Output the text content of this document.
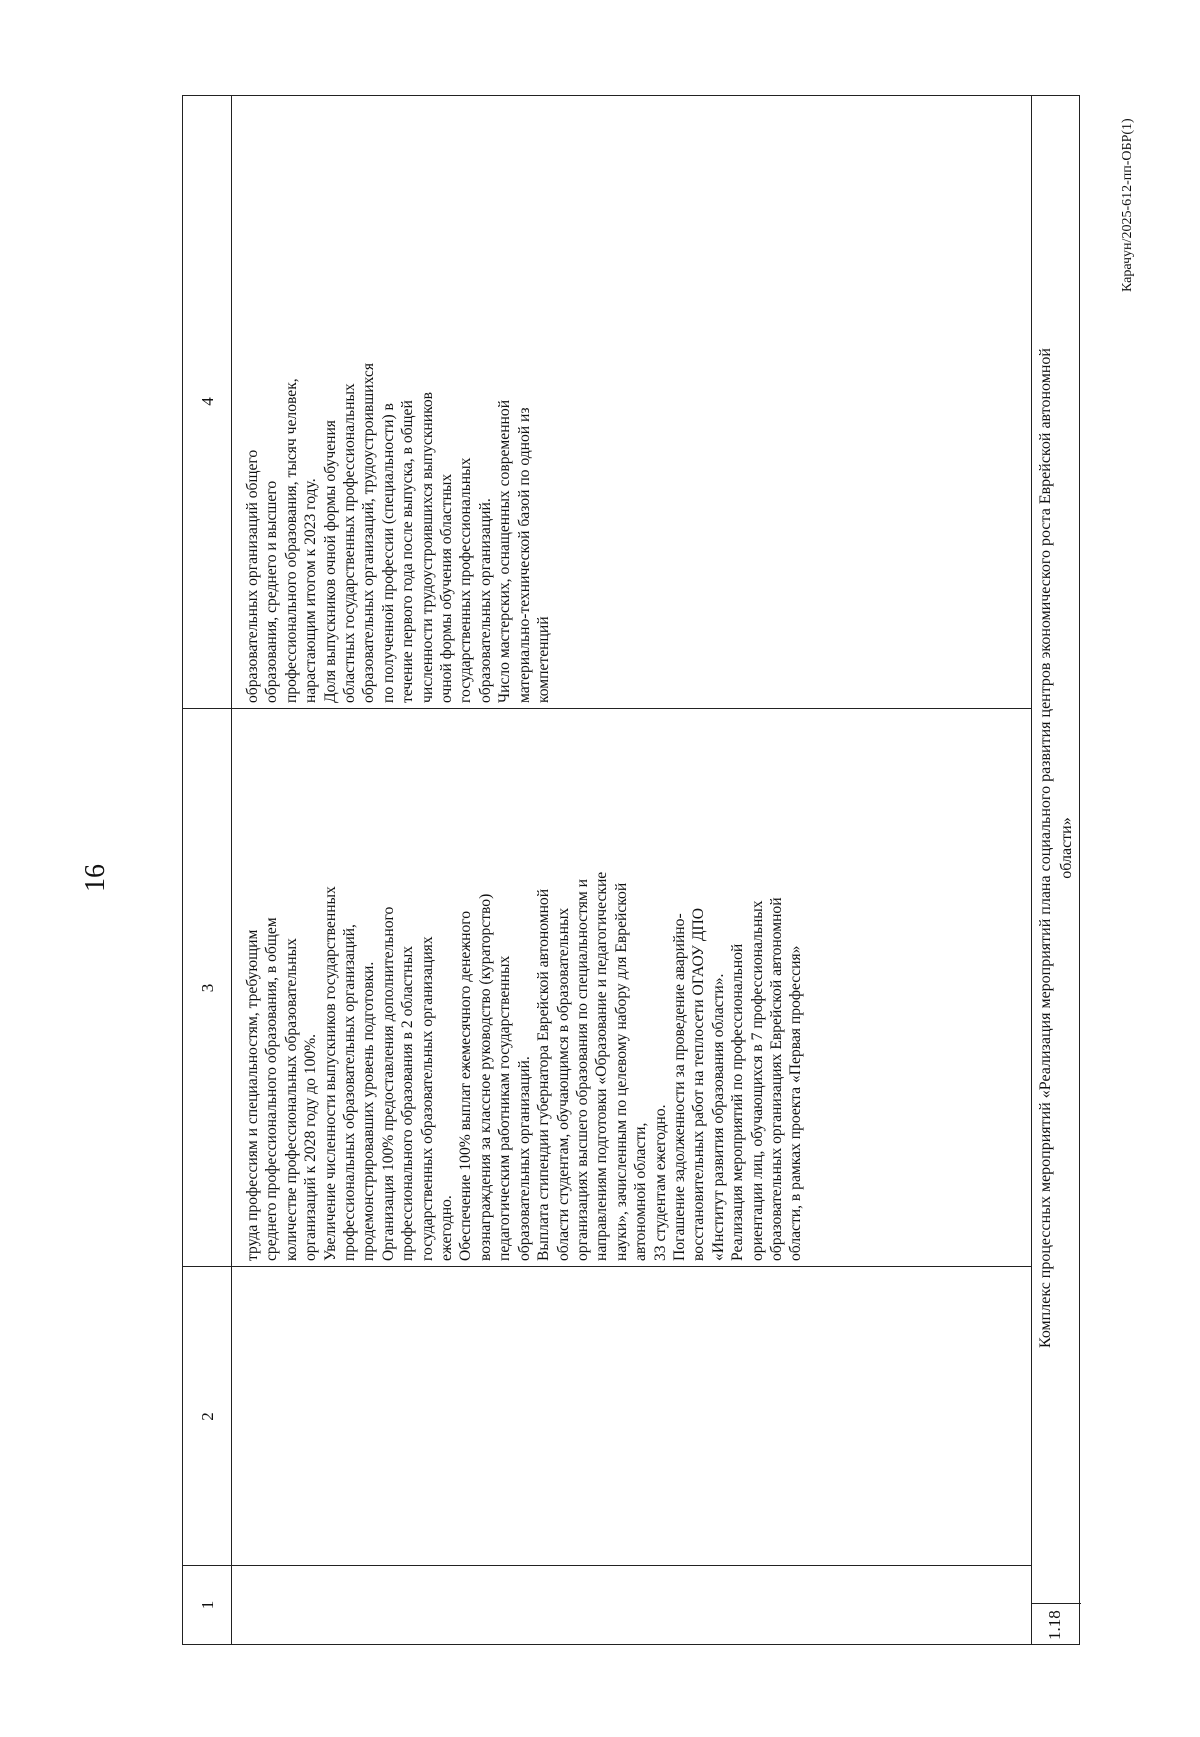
16
1
2
3
4

труда профессиям и специальностям, требующим среднего профессионального образования, в общем количестве профессиональных образовательных организаций к 2028 году до 100%. Увеличение численности выпускников государственных профессиональных образовательных организаций, продемонстрировавших уровень подготовки. Организация 100% предоставления дополнительного профессионального образования в 2 областных государственных образовательных организациях ежегодно. Обеспечение 100% выплат ежемесячного денежного вознаграждения за классное руководство (кураторство) педагогическим работникам государственных образовательных организаций. Выплата стипендии губернатора Еврейской автономной области студентам, обучающимся в образовательных организациях высшего образования по специальностям и направлениям подготовки «Образование и педагогические науки», зачисленным по целевому набору для Еврейской автономной области, 33 студентам ежегодно. Погашение задолженности за проведение аварийно- восстановительных работ на теплосети ОГАОУ ДПО «Институт развития образования области». Реализация мероприятий по профессиональной ориентации лиц, обучающихся в 7 профессиональных образовательных организациях Еврейской автономной области, в рамках проекта «Первая профессия»

образовательных организаций общего образования, среднего и высшего профессионального образования, тысяч человек, нарастающим итогом к 2023 году. Доля выпускников очной формы обучения областных государственных профессиональных образовательных организаций, трудоустроившихся по полученной профессии (специальности) в течение первого года после выпуска, в общей численности трудоустроившихся выпускников очной формы обучения областных государственных профессиональных образовательных организаций. Число мастерских, оснащенных современной материально-технической базой по одной из компетенций

1.18
Комплекс процессных мероприятий «Реализация мероприятий плана социального развития центров экономического роста Еврейской автономной области»
Карачун/2025-612-пп-ОБР(1)
